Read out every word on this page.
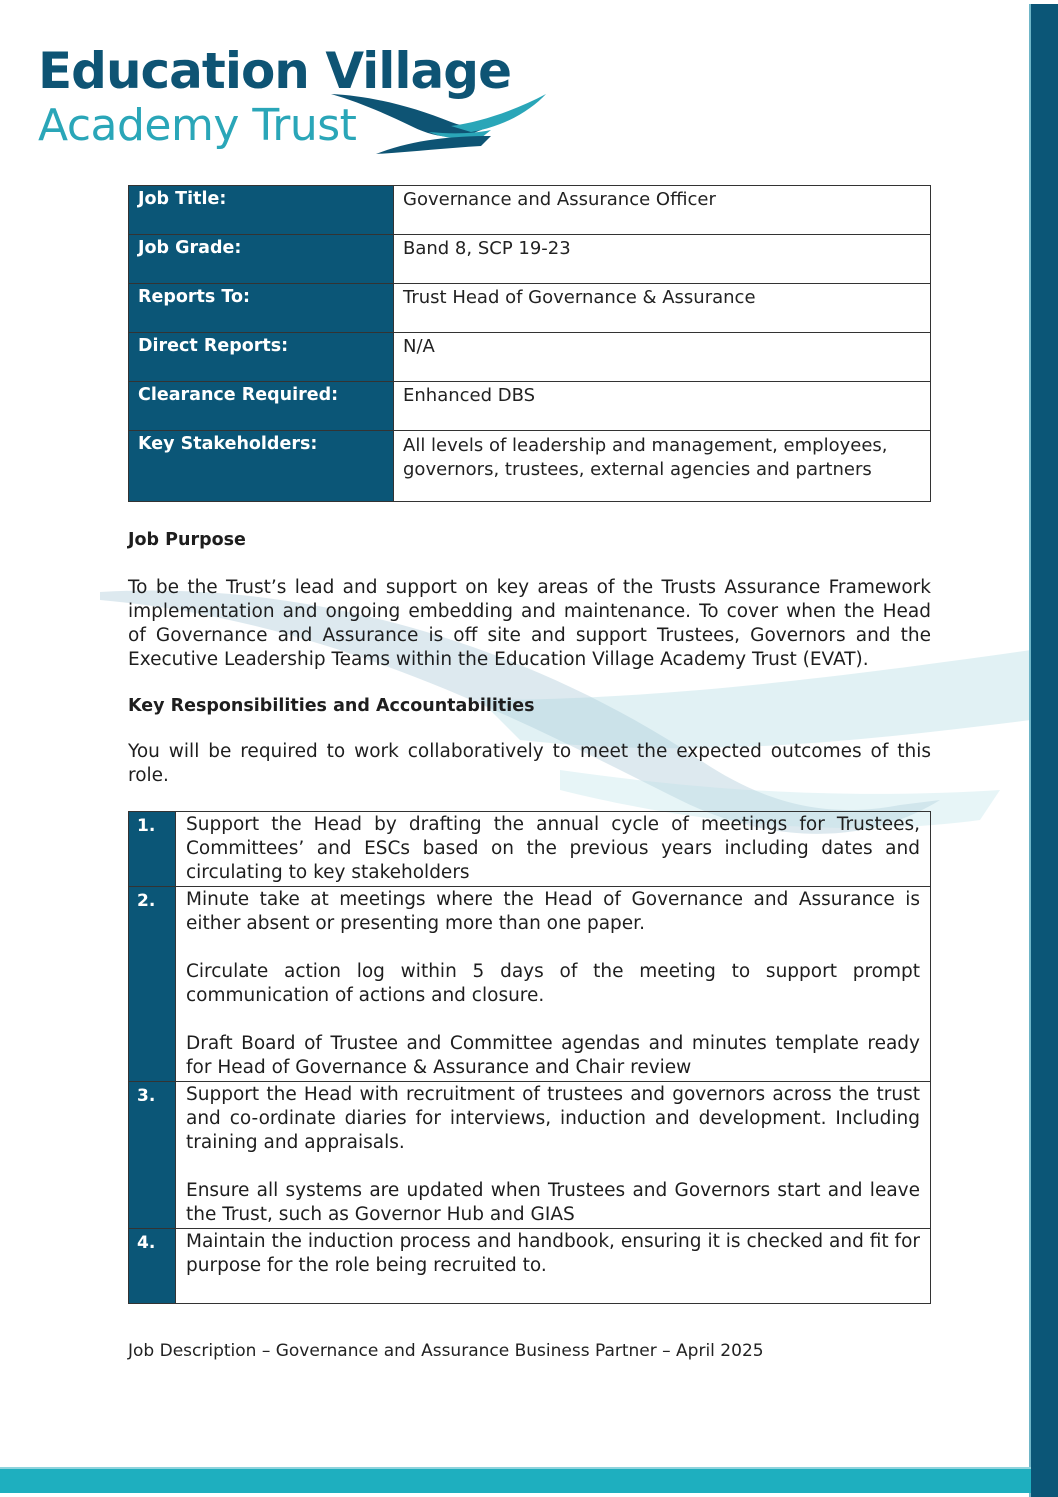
Education Village
Academy Trust
Job Title:	Governance and Assurance Officer
Job Grade:	Band 8, SCP 19-23
Reports To:	Trust Head of Governance & Assurance
Direct Reports:	N/A
Clearance Required:	Enhanced DBS
Key Stakeholders:	All levels of leadership and management, employees, governors, trustees, external agencies and partners
Job Purpose
To be the Trust’s lead and support on key areas of the Trusts Assurance Framework implementation and ongoing embedding and maintenance. To cover when the Head of Governance and Assurance is off site and support Trustees, Governors and the Executive Leadership Teams within the Education Village Academy Trust (EVAT).
Key Responsibilities and Accountabilities
You will be required to work collaboratively to meet the expected outcomes of this role.
1.	Support the Head by drafting the annual cycle of meetings for Trustees, Committees’ and ESCs based on the previous years including dates and circulating to key stakeholders

2.	Minute take at meetings where the Head of Governance and Assurance is either absent or presenting more than one paper.

Circulate action log within 5 days of the meeting to support prompt communication of actions and closure.

Draft Board of Trustee and Committee agendas and minutes template ready for Head of Governance & Assurance and Chair review

3.	Support the Head with recruitment of trustees and governors across the trust and co-ordinate diaries for interviews, induction and development. Including training and appraisals.

Ensure all systems are updated when Trustees and Governors start and leave the Trust, such as Governor Hub and GIAS

4.	Maintain the induction process and handbook, ensuring it is checked and fit for purpose for the role being recruited to.

Job Description – Governance and Assurance Business Partner – April 2025
